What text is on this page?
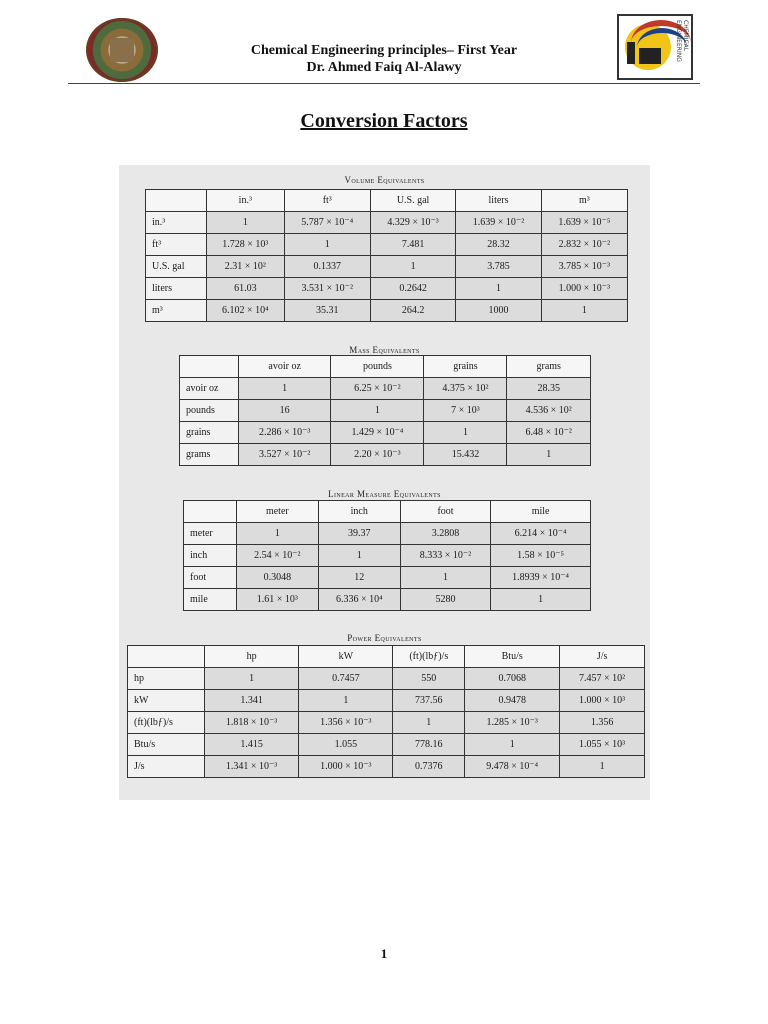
Chemical Engineering principles– First Year
Dr. Ahmed Faiq Al-Alawy
CHEMICAL ENGINEERING
Conversion Factors
Volume Equivalents
	in.³	ft³	U.S. gal	liters	m³
in.³	1	5.787 × 10⁻⁴	4.329 × 10⁻³	1.639 × 10⁻²	1.639 × 10⁻⁵
ft³	1.728 × 10³	1	7.481	28.32	2.832 × 10⁻²
U.S. gal	2.31 × 10²	0.1337	1	3.785	3.785 × 10⁻³
liters	61.03	3.531 × 10⁻²	0.2642	1	1.000 × 10⁻³
m³	6.102 × 10⁴	35.31	264.2	1000	1
Mass Equivalents
	avoir oz	pounds	grains	grams
avoir oz	1	6.25 × 10⁻²	4.375 × 10²	28.35
pounds	16	1	7 × 10³	4.536 × 10²
grains	2.286 × 10⁻³	1.429 × 10⁻⁴	1	6.48 × 10⁻²
grams	3.527 × 10⁻²	2.20 × 10⁻³	15.432	1
Linear Measure Equivalents
	meter	inch	foot	mile
meter	1	39.37	3.2808	6.214 × 10⁻⁴
inch	2.54 × 10⁻²	1	8.333 × 10⁻²	1.58 × 10⁻⁵
foot	0.3048	12	1	1.8939 × 10⁻⁴
mile	1.61 × 10³	6.336 × 10⁴	5280	1
Power Equivalents
	hp	kW	(ft)(lbƒ)/s	Btu/s	J/s
hp	1	0.7457	550	0.7068	7.457 × 10²
kW	1.341	1	737.56	0.9478	1.000 × 10³
(ft)(lbƒ)/s	1.818 × 10⁻³	1.356 × 10⁻³	1	1.285 × 10⁻³	1.356
Btu/s	1.415	1.055	778.16	1	1.055 × 10³
J/s	1.341 × 10⁻³	1.000 × 10⁻³	0.7376	9.478 × 10⁻⁴	1
1
